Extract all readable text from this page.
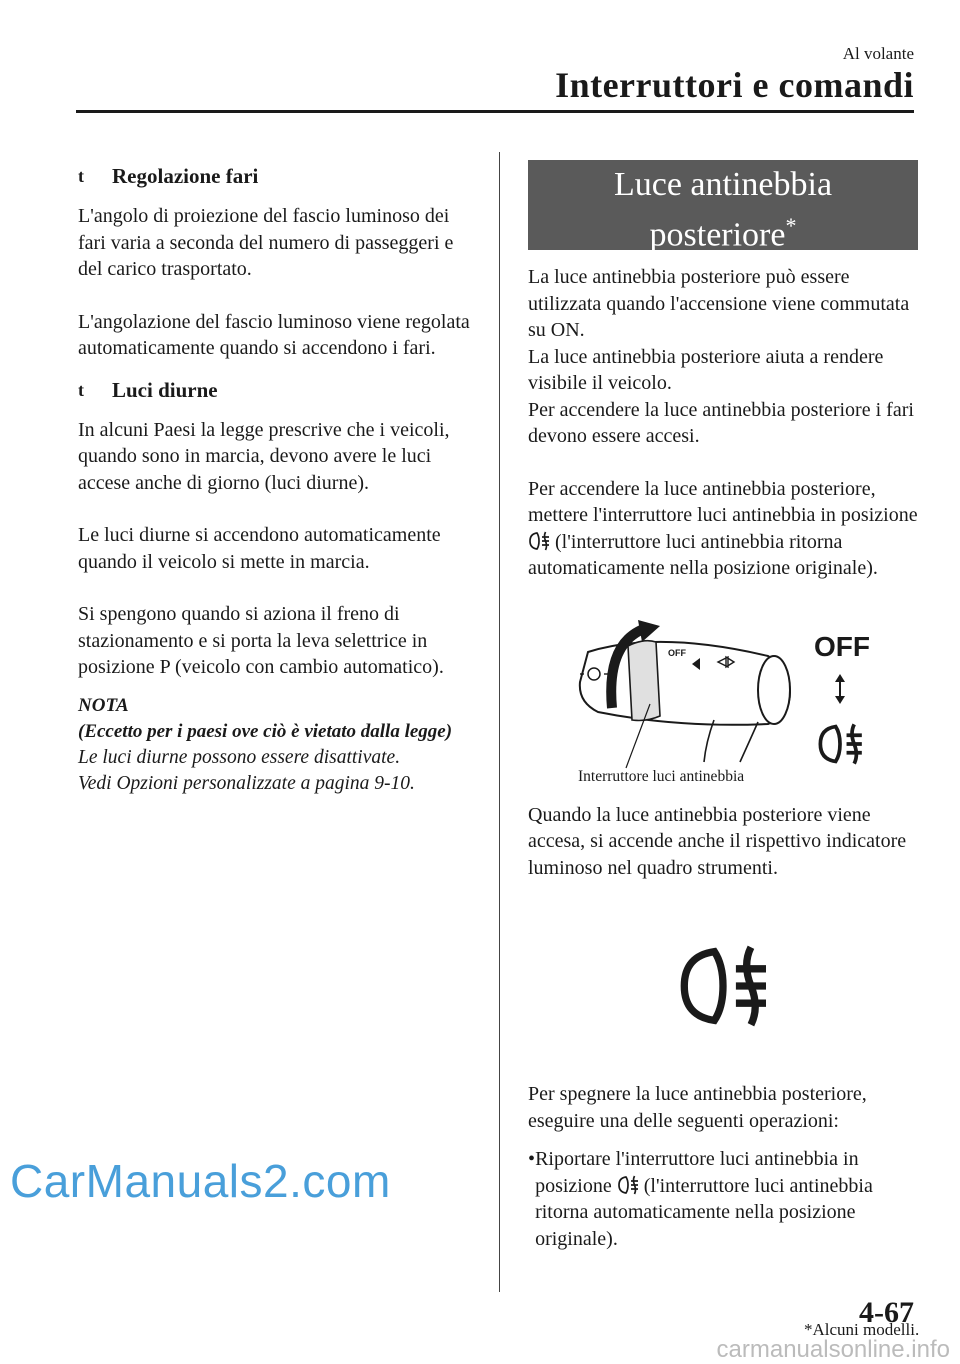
Al volante
Interruttori e comandi
t	Regolazione fari

L'angolo di proiezione del fascio luminoso dei fari varia a seconda del numero di passeggeri e del carico trasportato.

L'angolazione del fascio luminoso viene regolata automaticamente quando si accendono i fari.

t	Luci diurne

In alcuni Paesi la legge prescrive che i veicoli, quando sono in marcia, devono avere le luci accese anche di giorno (luci diurne).

Le luci diurne si accendono automaticamente quando il veicolo si mette in marcia.

Si spengono quando si aziona il freno di stazionamento e si porta la leva selettrice in posizione P (veicolo con cambio automatico).

NOTA
(Eccetto per i paesi ove ciò è vietato dalla legge)
Le luci diurne possono essere disattivate.
Vedi Opzioni personalizzate a pagina 9-10.
Luce antinebbia
posteriore*

La luce antinebbia posteriore può essere utilizzata quando l'accensione viene commutata su ON.

La luce antinebbia posteriore aiuta a rendere visibile il veicolo.

Per accendere la luce antinebbia posteriore i fari devono essere accesi.

Per accendere la luce antinebbia posteriore, mettere l'interruttore luci antinebbia in posizione  (l'interruttore luci antinebbia ritorna automaticamente nella posizione originale).

OFF	OFF
Interruttore luci antinebbia

Quando la luce antinebbia posteriore viene accesa, si accende anche il rispettivo indicatore luminoso nel quadro strumenti.

Per spegnere la luce antinebbia posteriore, eseguire una delle seguenti operazioni:

• Riportare l'interruttore luci antinebbia in posizione (l'interruttore luci antinebbia ritorna automaticamente nella posizione originale).
CarManuals2.com
*Alcuni modelli.
4-67
carmanualsonline.info
